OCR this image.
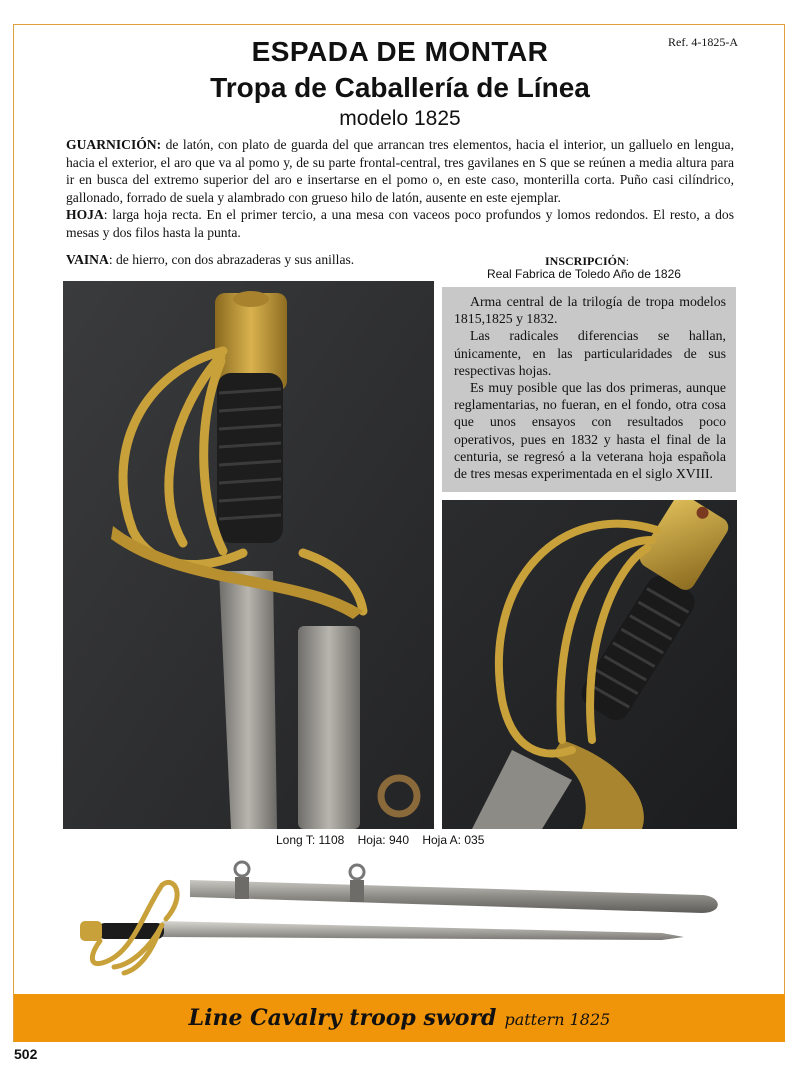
Ref. 4-1825-A
ESPADA DE MONTAR
Tropa de Caballería de Línea
modelo 1825

GUARNICIÓN: de latón, con plato de guarda del que arrancan tres elementos, hacia el interior, un galluelo en lengua, hacia el exterior, el aro que va al pomo y, de su parte frontal-central, tres gavilanes en S que se reúnen a media altura para ir en busca del extremo superior del aro e insertarse en el pomo o, en este caso, monterilla corta. Puño casi cilíndrico, gallonado, forrado de suela y alambrado con grueso hilo de latón, ausente en este ejemplar.

HOJA: larga hoja recta. En el primer tercio, a una mesa con vaceos poco profundos y lomos redondos. El resto, a dos mesas y dos filos hasta la punta.

VAINA: de hierro, con dos abrazaderas y sus anillas.	INSCRIPCIÓN:
Real Fabrica de Toledo Año de 1826

Arma central de la trilogía de tropa modelos 1815,1825 y 1832.

Las radicales diferencias se hallan, únicamente, en las particularidades de sus respectivas hojas.

Es muy posible que las dos primeras, aunque reglamentarias, no fueran, en el fondo, otra cosa que unos ensayos con resultados poco operativos, pues en 1832 y hasta el final de la centuria, se regresó a la veterana hoja española de tres mesas experimentada en el siglo XVIII.

Long T: 1108    Hoja: 940    Hoja A: 035
Line Cavalry troop sword pattern 1825
502
